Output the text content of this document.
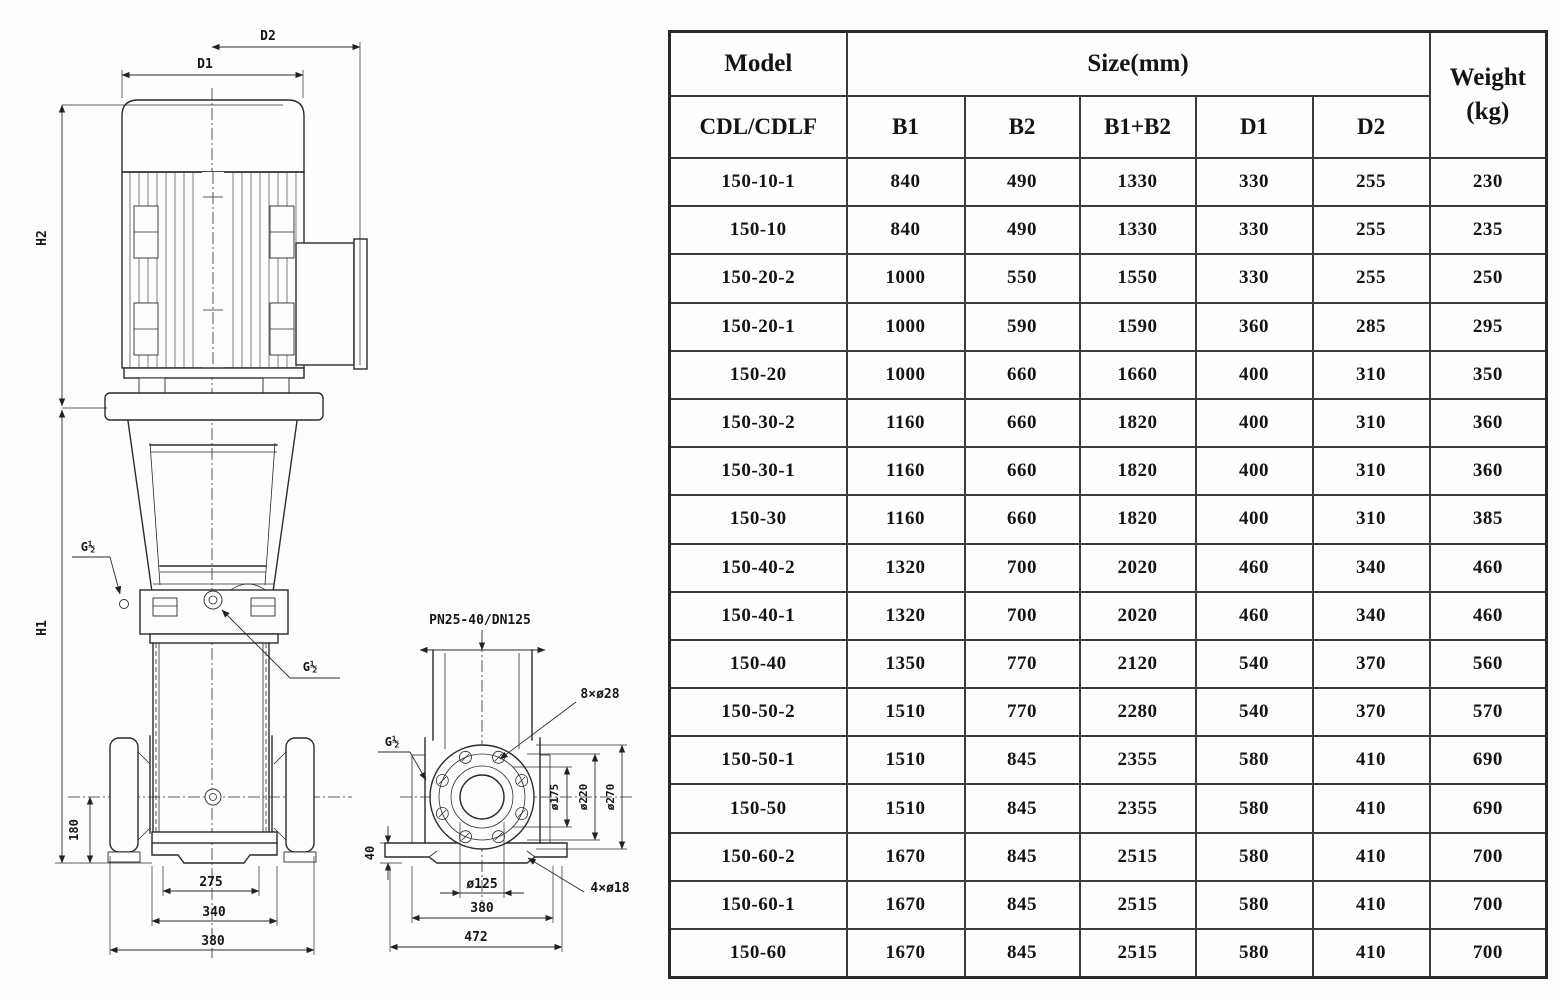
D2
D1
H2
H1
180
G½
G½
275
340
380
PN25-40/DN125
8×ø28
G½
ø175 ø220 ø270
40
ø125
380
472
4×ø18
Model	Size(mm)					Weight
(kg)

CDL/CDLF	B1	B2	B1+B2	D1	D2	
150-10-1	840	490	1330	330	255	230
150-10	840	490	1330	330	255	235
150-20-2	1000	550	1550	330	255	250
150-20-1	1000	590	1590	360	285	295
150-20	1000	660	1660	400	310	350
150-30-2	1160	660	1820	400	310	360
150-30-1	1160	660	1820	400	310	360
150-30	1160	660	1820	400	310	385
150-40-2	1320	700	2020	460	340	460
150-40-1	1320	700	2020	460	340	460
150-40	1350	770	2120	540	370	560
150-50-2	1510	770	2280	540	370	570
150-50-1	1510	845	2355	580	410	690
150-50	1510	845	2355	580	410	690
150-60-2	1670	845	2515	580	410	700
150-60-1	1670	845	2515	580	410	700
150-60	1670	845	2515	580	410	700
